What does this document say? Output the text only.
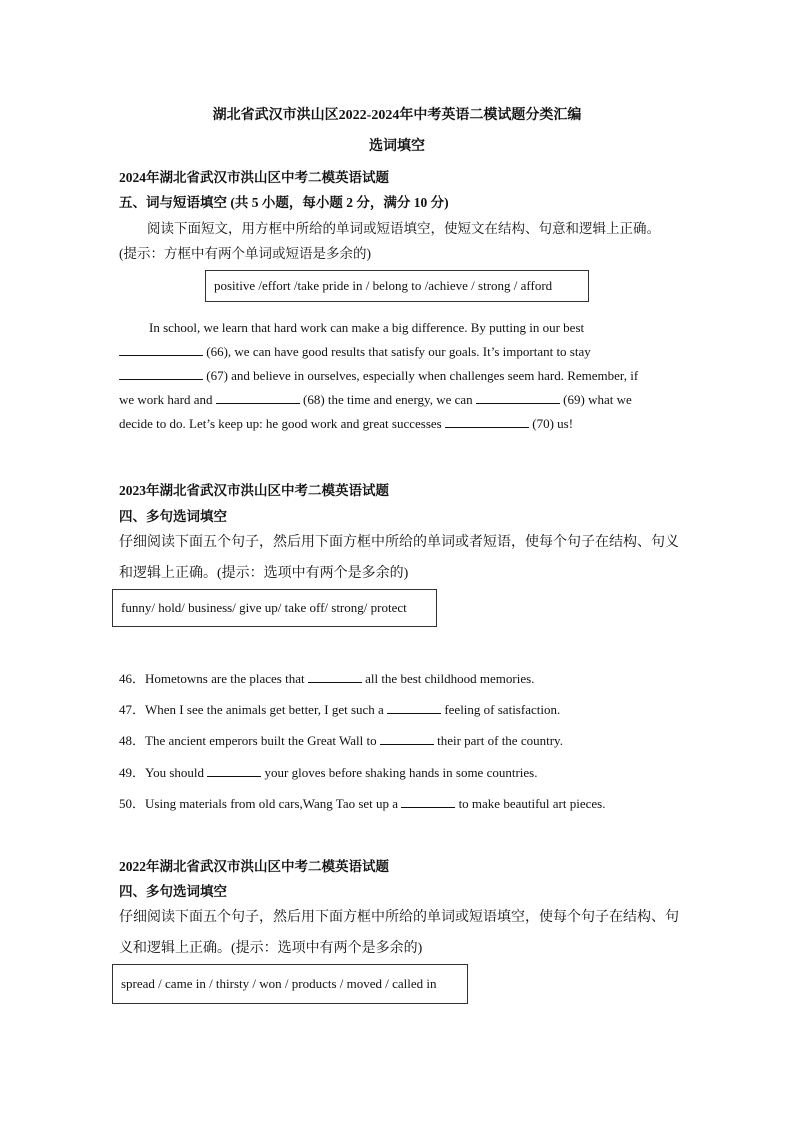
湖北省武汉市洪山区2022-2024年中考英语二模试题分类汇编
选词填空
2024年湖北省武汉市洪山区中考二模英语试题
五、词与短语填空 (共 5 小题，每小题 2 分，满分 10 分)
阅读下面短文，用方框中所给的单词或短语填空，使短文在结构、句意和逻辑上正确。
(提示：方框中有两个单词或短语是多余的)
positive /effort /take pride in / belong to /achieve / strong / afford

In school, we learn that hard work can make a big difference. By putting in our best

(66), we can have good results that satisfy our goals. It’s important to stay

(67) and believe in ourselves, especially when challenges seem hard. Remember, if

we work hard and	(68) the time and energy, we can	(69) what we

decide to do. Let’s keep up: he good work and great successes	(70) us!

2023年湖北省武汉市洪山区中考二模英语试题
四、多句选词填空
仔细阅读下面五个句子，然后用下面方框中所给的单词或者短语，使每个句子在结构、句义
和逻辑上正确。(提示：选项中有两个是多余的)
funny/ hold/ business/ give up/ take off/ strong/ protect
46．Hometowns are the places that	all the best childhood memories.
47．When I see the animals get better, I get such a	feeling of satisfaction.
48．The ancient emperors built the Great Wall to	their part of the country.
49．You should	your gloves before shaking hands in some countries.
50．Using materials from old cars,Wang Tao set up a	to make beautiful art pieces.
2022年湖北省武汉市洪山区中考二模英语试题
四、多句选词填空
仔细阅读下面五个句子，然后用下面方框中所给的单词或短语填空，使每个句子在结构、句
义和逻辑上正确。(提示：选项中有两个是多余的)
spread / came in / thirsty / won / products / moved / called in
